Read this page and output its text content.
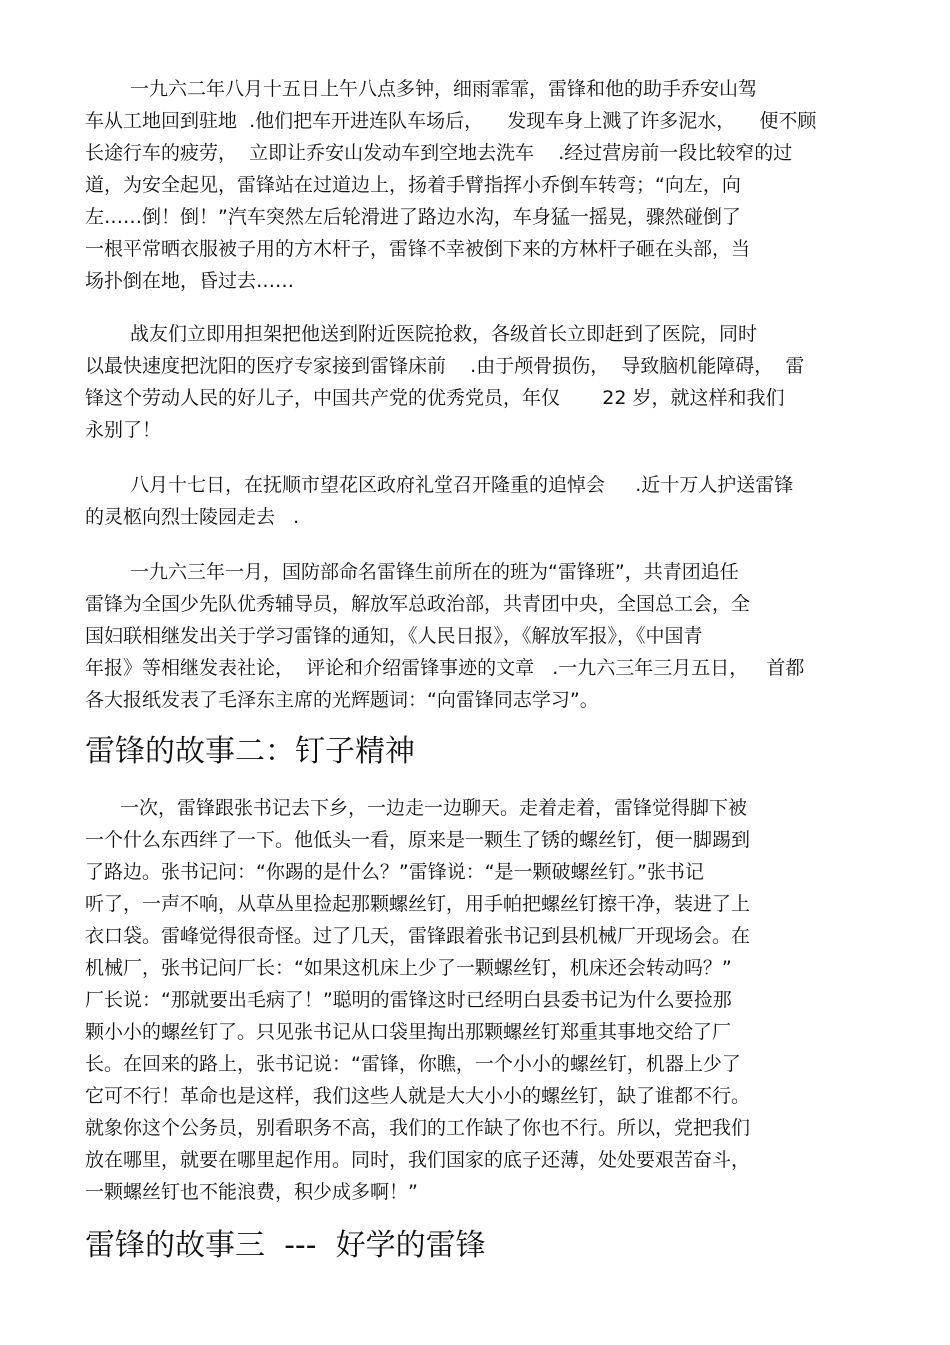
一九六二年八月十五日上午八点多钟，细雨霏霏，雷锋和他的助手乔安山驾
车从工地回到驻地  .他们把车开进连队车场后，    发现车身上溅了许多泥水，    便不顾
长途行车的疲劳，  立即让乔安山发动车到空地去洗车    .经过营房前一段比较窄的过
道，为安全起见，雷锋站在过道边上，扬着手臂指挥小乔倒车转弯；“向左，向
左……倒！倒！”汽车突然左后轮滑进了路边水沟，车身猛一摇晃，骤然碰倒了
一根平常晒衣服被子用的方木杆子，雷锋不幸被倒下来的方林杆子砸在头部，当
场扑倒在地，昏过去……
战友们立即用担架把他送到附近医院抢救，各级首长立即赶到了医院，同时
以最快速度把沈阳的医疗专家接到雷锋床前    .由于颅骨损伤，  导致脑机能障碍，  雷
锋这个劳动人民的好儿子，中国共产党的优秀党员，年仅       22 岁，就这样和我们
永别了！
八月十七日，在抚顺市望花区政府礼堂召开隆重的追悼会     .近十万人护送雷锋
的灵柩向烈士陵园走去   .
一九六三年一月，国防部命名雷锋生前所在的班为“雷锋班”，共青团追任
雷锋为全国少先队优秀辅导员，解放军总政治部，共青团中央，全国总工会，全
国妇联相继发出关于学习雷锋的通知，《人民日报》，《解放军报》，《中国青
年报》等相继发表社论，  评论和介绍雷锋事迹的文章   .一九六三年三月五日，   首都
各大报纸发表了毛泽东主席的光辉题词：“向雷锋同志学习”。
雷锋的故事二：钉子精神
一次，雷锋跟张书记去下乡，一边走一边聊天。走着走着，雷锋觉得脚下被
一个什么东西绊了一下。他低头一看，原来是一颗生了锈的螺丝钉，便一脚踢到
了路边。张书记问：“你踢的是什么？”雷锋说：“是一颗破螺丝钉。”张书记
听了，一声不响，从草丛里捡起那颗螺丝钉，用手帕把螺丝钉擦干净，装进了上
衣口袋。雷峰觉得很奇怪。过了几天，雷锋跟着张书记到县机械厂开现场会。在
机械厂，张书记问厂长：“如果这机床上少了一颗螺丝钉，机床还会转动吗？”
厂长说：“那就要出毛病了！”聪明的雷锋这时已经明白县委书记为什么要捡那
颗小小的螺丝钉了。只见张书记从口袋里掏出那颗螺丝钉郑重其事地交给了厂
长。在回来的路上，张书记说：“雷锋，你瞧，一个小小的螺丝钉，机器上少了
它可不行！革命也是这样，我们这些人就是大大小小的螺丝钉，缺了谁都不行。
就象你这个公务员，别看职务不高，我们的工作缺了你也不行。所以，党把我们
放在哪里，就要在哪里起作用。同时，我们国家的底子还薄，处处要艰苦奋斗，
一颗螺丝钉也不能浪费，积少成多啊！”
雷锋的故事三  ---  好学的雷锋
